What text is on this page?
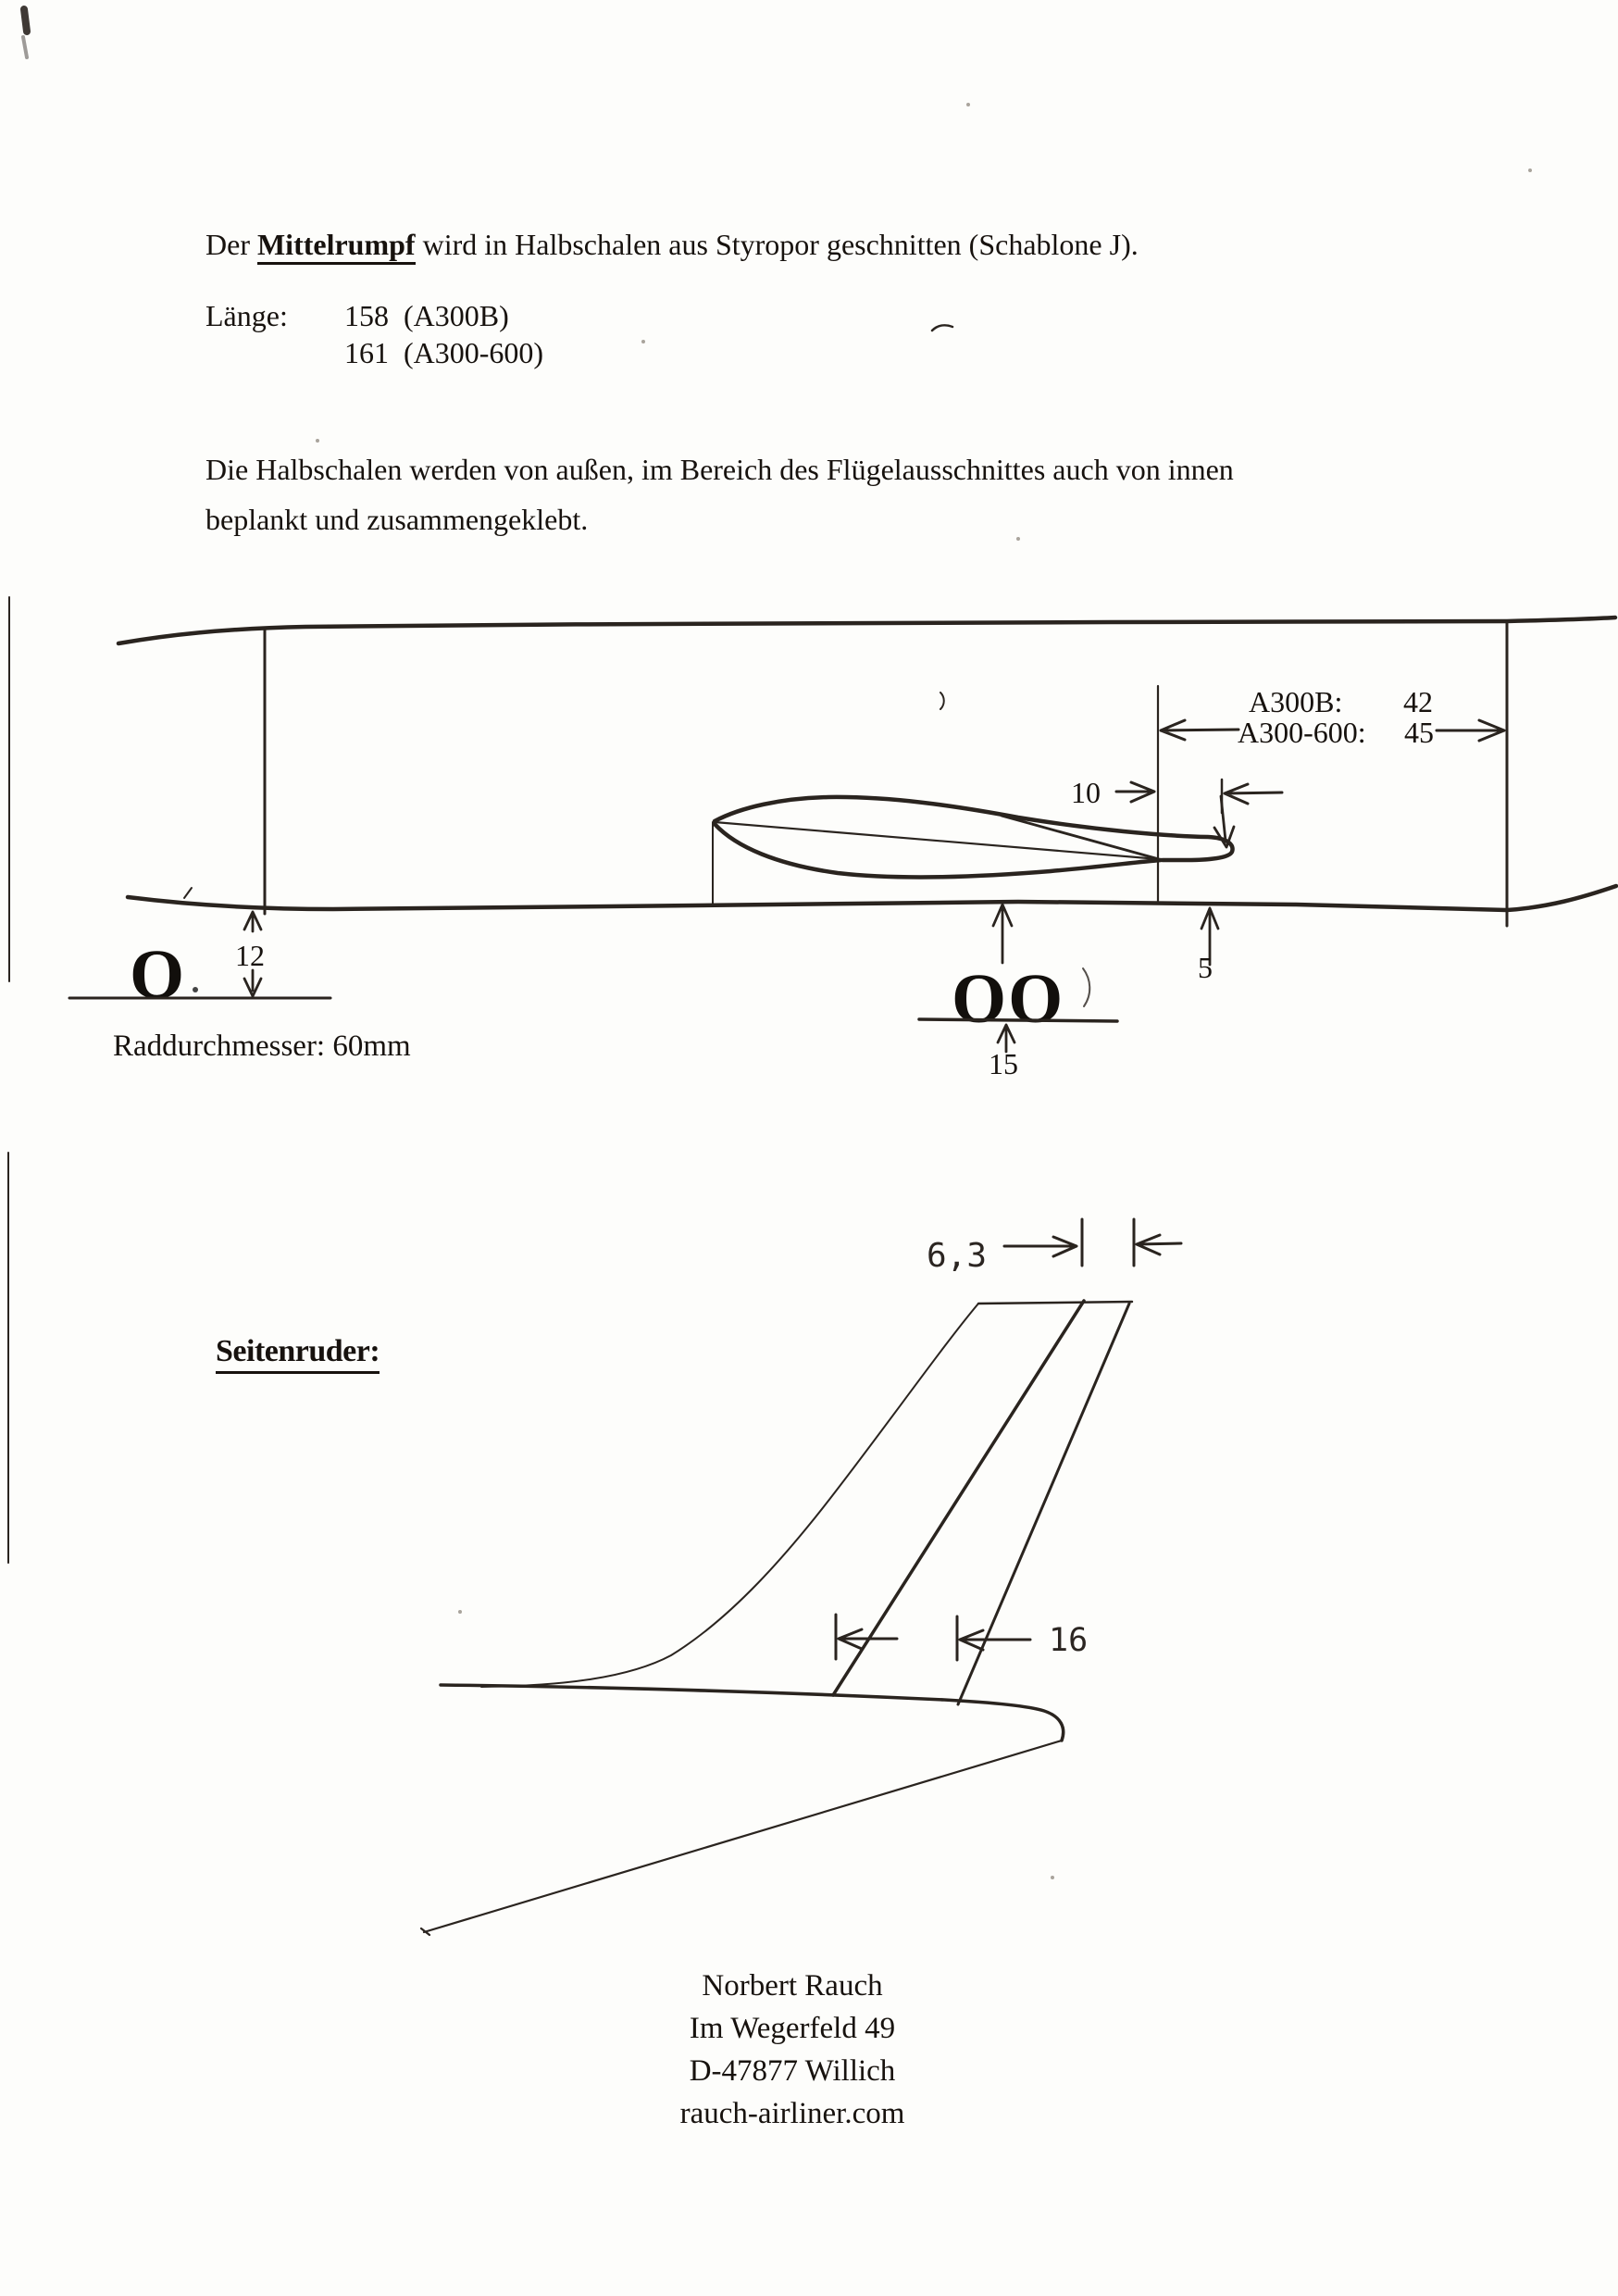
A300B: 42
A300-600: 45
10
5
OO
15
O 12
Raddurchmesser: 60mm
6,3
16
Der Mittelrumpf wird in Halbschalen aus Styropor geschnitten (Schablone J).
Länge: 158  (A300B)
161  (A300-600)
Die Halbschalen werden von außen, im Bereich des Flügelausschnittes auch von innen
beplankt und zusammengeklebt.
Seitenruder:
Norbert Rauch
Im Wegerfeld 49
D-47877 Willich
rauch-airliner.com
